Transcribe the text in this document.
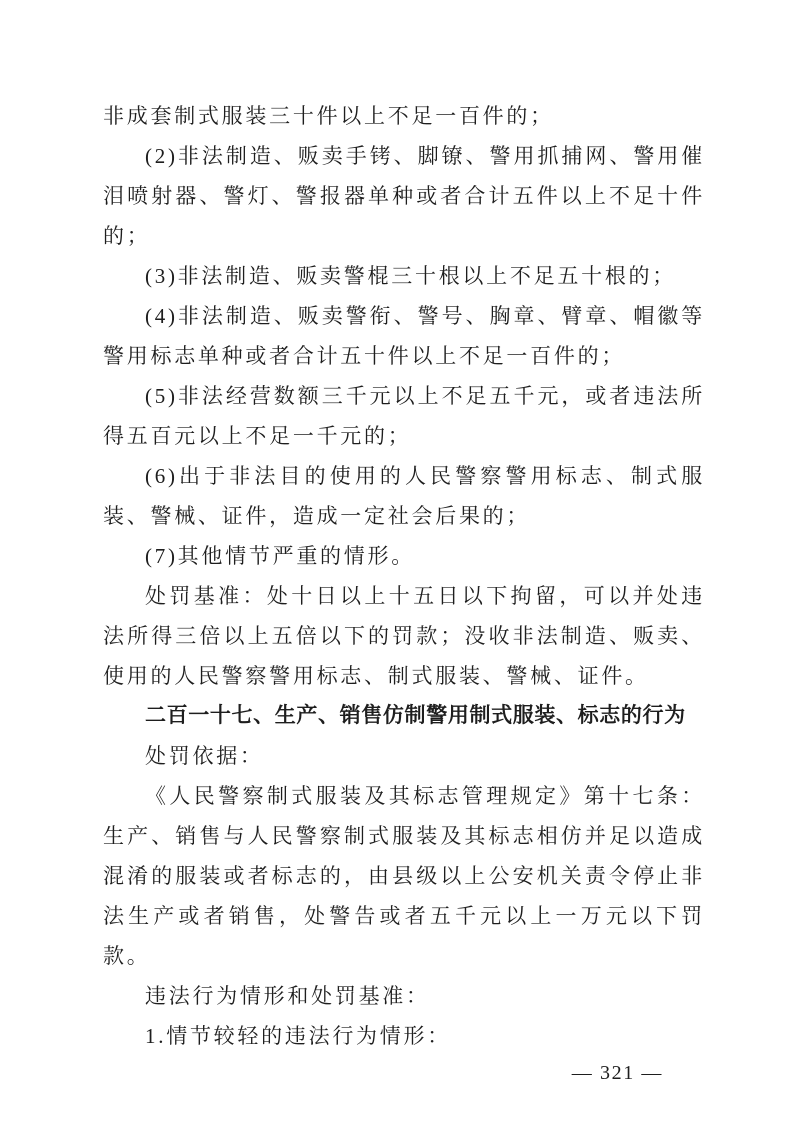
非成套制式服装三十件以上不足一百件的；

(2)非法制造、贩卖手铐、脚镣、警用抓捕网、警用催泪喷射器、警灯、警报器单种或者合计五件以上不足十件的；

(3)非法制造、贩卖警棍三十根以上不足五十根的；

(4)非法制造、贩卖警衔、警号、胸章、臂章、帽徽等警用标志单种或者合计五十件以上不足一百件的；

(5)非法经营数额三千元以上不足五千元，或者违法所得五百元以上不足一千元的；

(6)出于非法目的使用的人民警察警用标志、制式服装、警械、证件，造成一定社会后果的；

(7)其他情节严重的情形。

处罚基准：处十日以上十五日以下拘留，可以并处违法所得三倍以上五倍以下的罚款；没收非法制造、贩卖、使用的人民警察警用标志、制式服装、警械、证件。

二百一十七、生产、销售仿制警用制式服装、标志的行为

处罚依据：

《人民警察制式服装及其标志管理规定》第十七条：生产、销售与人民警察制式服装及其标志相仿并足以造成混淆的服装或者标志的，由县级以上公安机关责令停止非法生产或者销售，处警告或者五千元以上一万元以下罚款。

违法行为情形和处罚基准：

1.情节较轻的违法行为情形：

— 321 —
